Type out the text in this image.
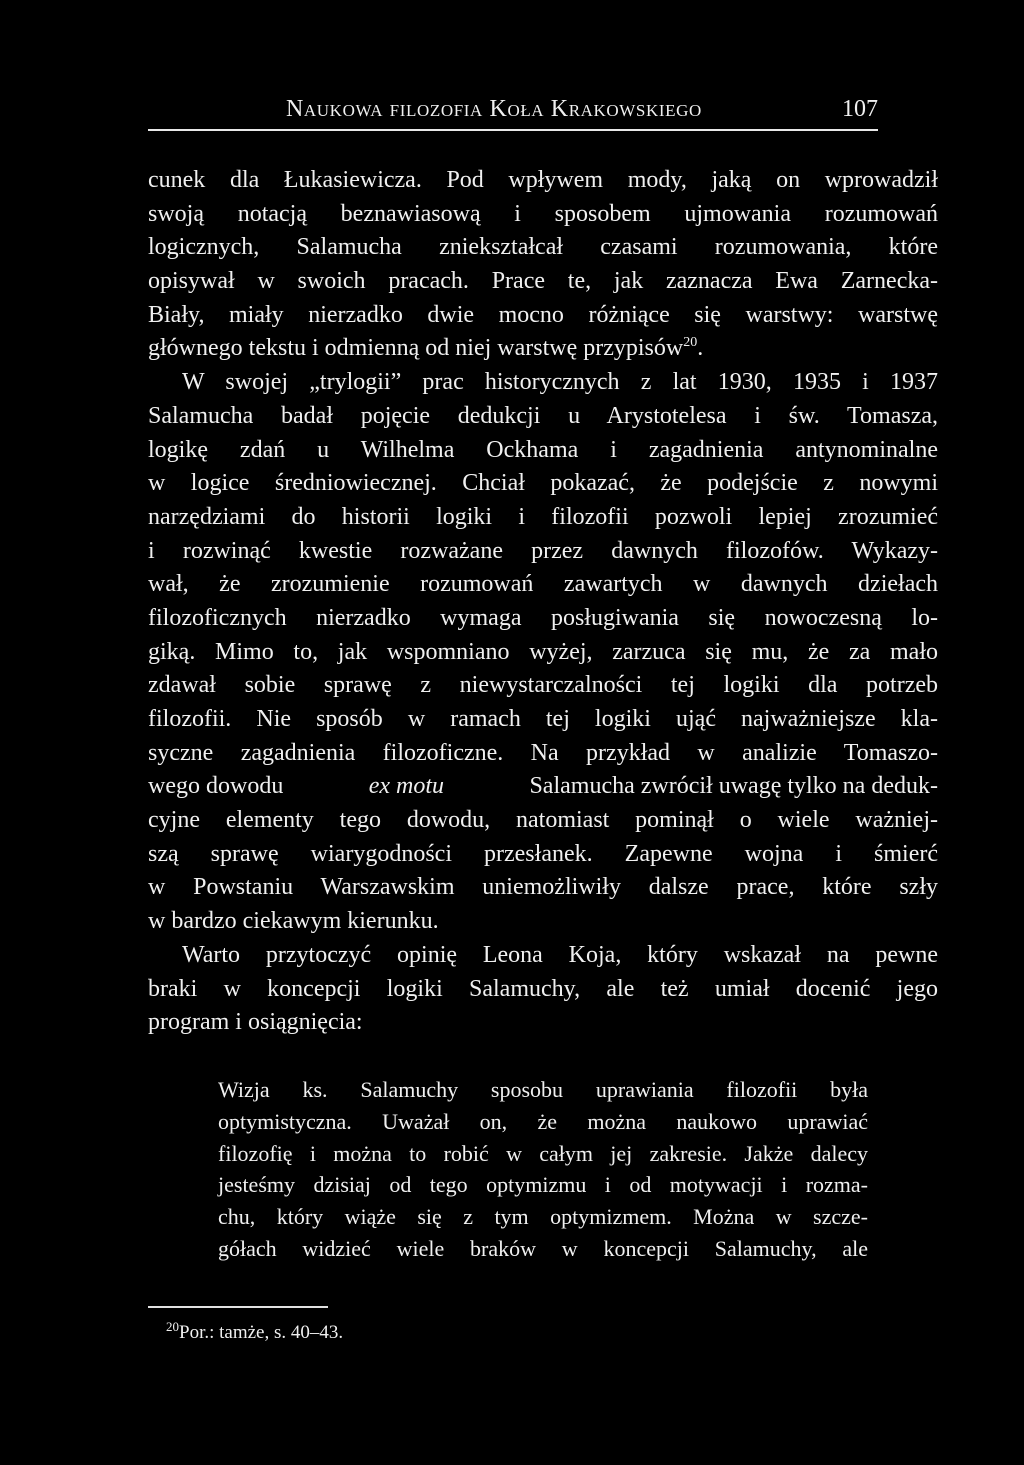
Naukowa filozofia Koła Krakowskiego	107
cunek dla Łukasiewicza. Pod wpływem mody, jaką on wprowadził
swoją notacją beznawiasową i sposobem ujmowania rozumowań
logicznych, Salamucha zniekształcał czasami rozumowania, które
opisywał w swoich pracach. Prace te, jak zaznacza Ewa Zarnecka-
Biały, miały nierzadko dwie mocno różniące się warstwy: warstwę
głównego tekstu i odmienną od niej warstwę przypisów$^{20}$.
W swojej „trylogii” prac historycznych z lat 1930, 1935 i 1937
Salamucha badał pojęcie dedukcji u Arystotelesa i św. Tomasza,
logikę zdań u Wilhelma Ockhama i zagadnienia antynominalne
w logice średniowiecznej. Chciał pokazać, że podejście z nowymi
narzędziami do historii logiki i filozofii pozwoli lepiej zrozumieć
i rozwinąć kwestie rozważane przez dawnych filozofów. Wykazy-
wał, że zrozumienie rozumowań zawartych w dawnych dziełach
filozoficznych nierzadko wymaga posługiwania się nowoczesną lo-
giką. Mimo to, jak wspomniano wyżej, zarzuca się mu, że za mało
zdawał sobie sprawę z niewystarczalności tej logiki dla potrzeb
filozofii. Nie sposób w ramach tej logiki ująć najważniejsze kla-
syczne zagadnienia filozoficzne. Na przykład w analizie Tomaszo-
wego dowodu	ex motu	Salamucha zwrócił uwagę tylko na deduk-
cyjne elementy tego dowodu, natomiast pominął o wiele ważniej-
szą sprawę wiarygodności przesłanek. Zapewne wojna i śmierć
w Powstaniu Warszawskim uniemożliwiły dalsze prace, które szły
w bardzo ciekawym kierunku.
Warto przytoczyć opinię Leona Koja, który wskazał na pewne
braki w koncepcji logiki Salamuchy, ale też umiał docenić jego
program i osiągnięcia:
Wizja ks. Salamuchy sposobu uprawiania filozofii była
optymistyczna. Uważał on, że można naukowo uprawiać
filozofię i można to robić w całym jej zakresie. Jakże dalecy
jesteśmy dzisiaj od tego optymizmu i od motywacji i rozma-
chu, który wiąże się z tym optymizmem. Można w szcze-
gółach widzieć wiele braków w koncepcji Salamuchy, ale
$^{20}$Por.: tamże, s. 40–43.
